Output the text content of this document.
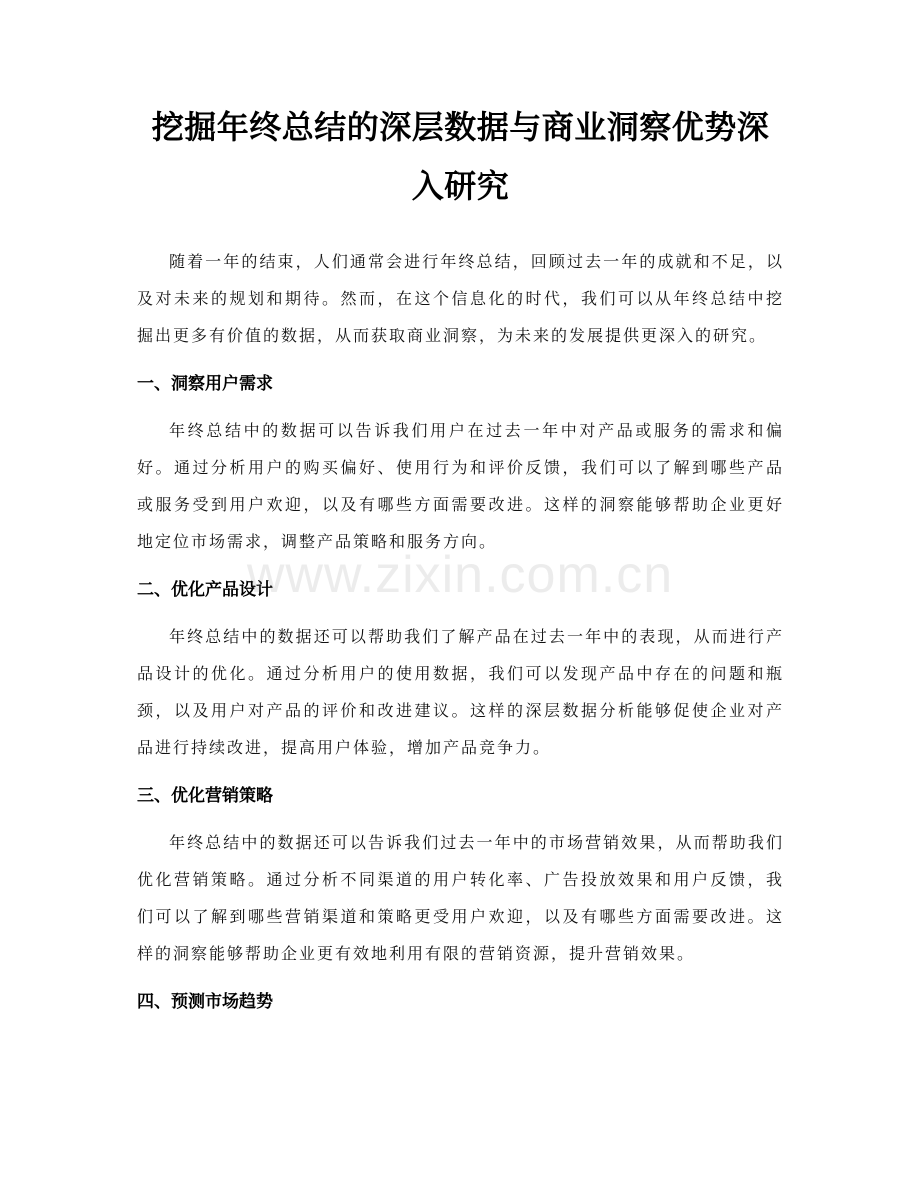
挖掘年终总结的深层数据与商业洞察优势深入研究

随着一年的结束，人们通常会进行年终总结，回顾过去一年的成就和不足，以及对未来的规划和期待。然而，在这个信息化的时代，我们可以从年终总结中挖掘出更多有价值的数据，从而获取商业洞察，为未来的发展提供更深入的研究。

一、洞察用户需求

年终总结中的数据可以告诉我们用户在过去一年中对产品或服务的需求和偏好。通过分析用户的购买偏好、使用行为和评价反馈，我们可以了解到哪些产品或服务受到用户欢迎，以及有哪些方面需要改进。这样的洞察能够帮助企业更好地定位市场需求，调整产品策略和服务方向。

二、优化产品设计

年终总结中的数据还可以帮助我们了解产品在过去一年中的表现，从而进行产品设计的优化。通过分析用户的使用数据，我们可以发现产品中存在的问题和瓶颈，以及用户对产品的评价和改进建议。这样的深层数据分析能够促使企业对产品进行持续改进，提高用户体验，增加产品竞争力。

三、优化营销策略

年终总结中的数据还可以告诉我们过去一年中的市场营销效果，从而帮助我们优化营销策略。通过分析不同渠道的用户转化率、广告投放效果和用户反馈，我们可以了解到哪些营销渠道和策略更受用户欢迎，以及有哪些方面需要改进。这样的洞察能够帮助企业更有效地利用有限的营销资源，提升营销效果。

四、预测市场趋势
www.zixin.com.cn
